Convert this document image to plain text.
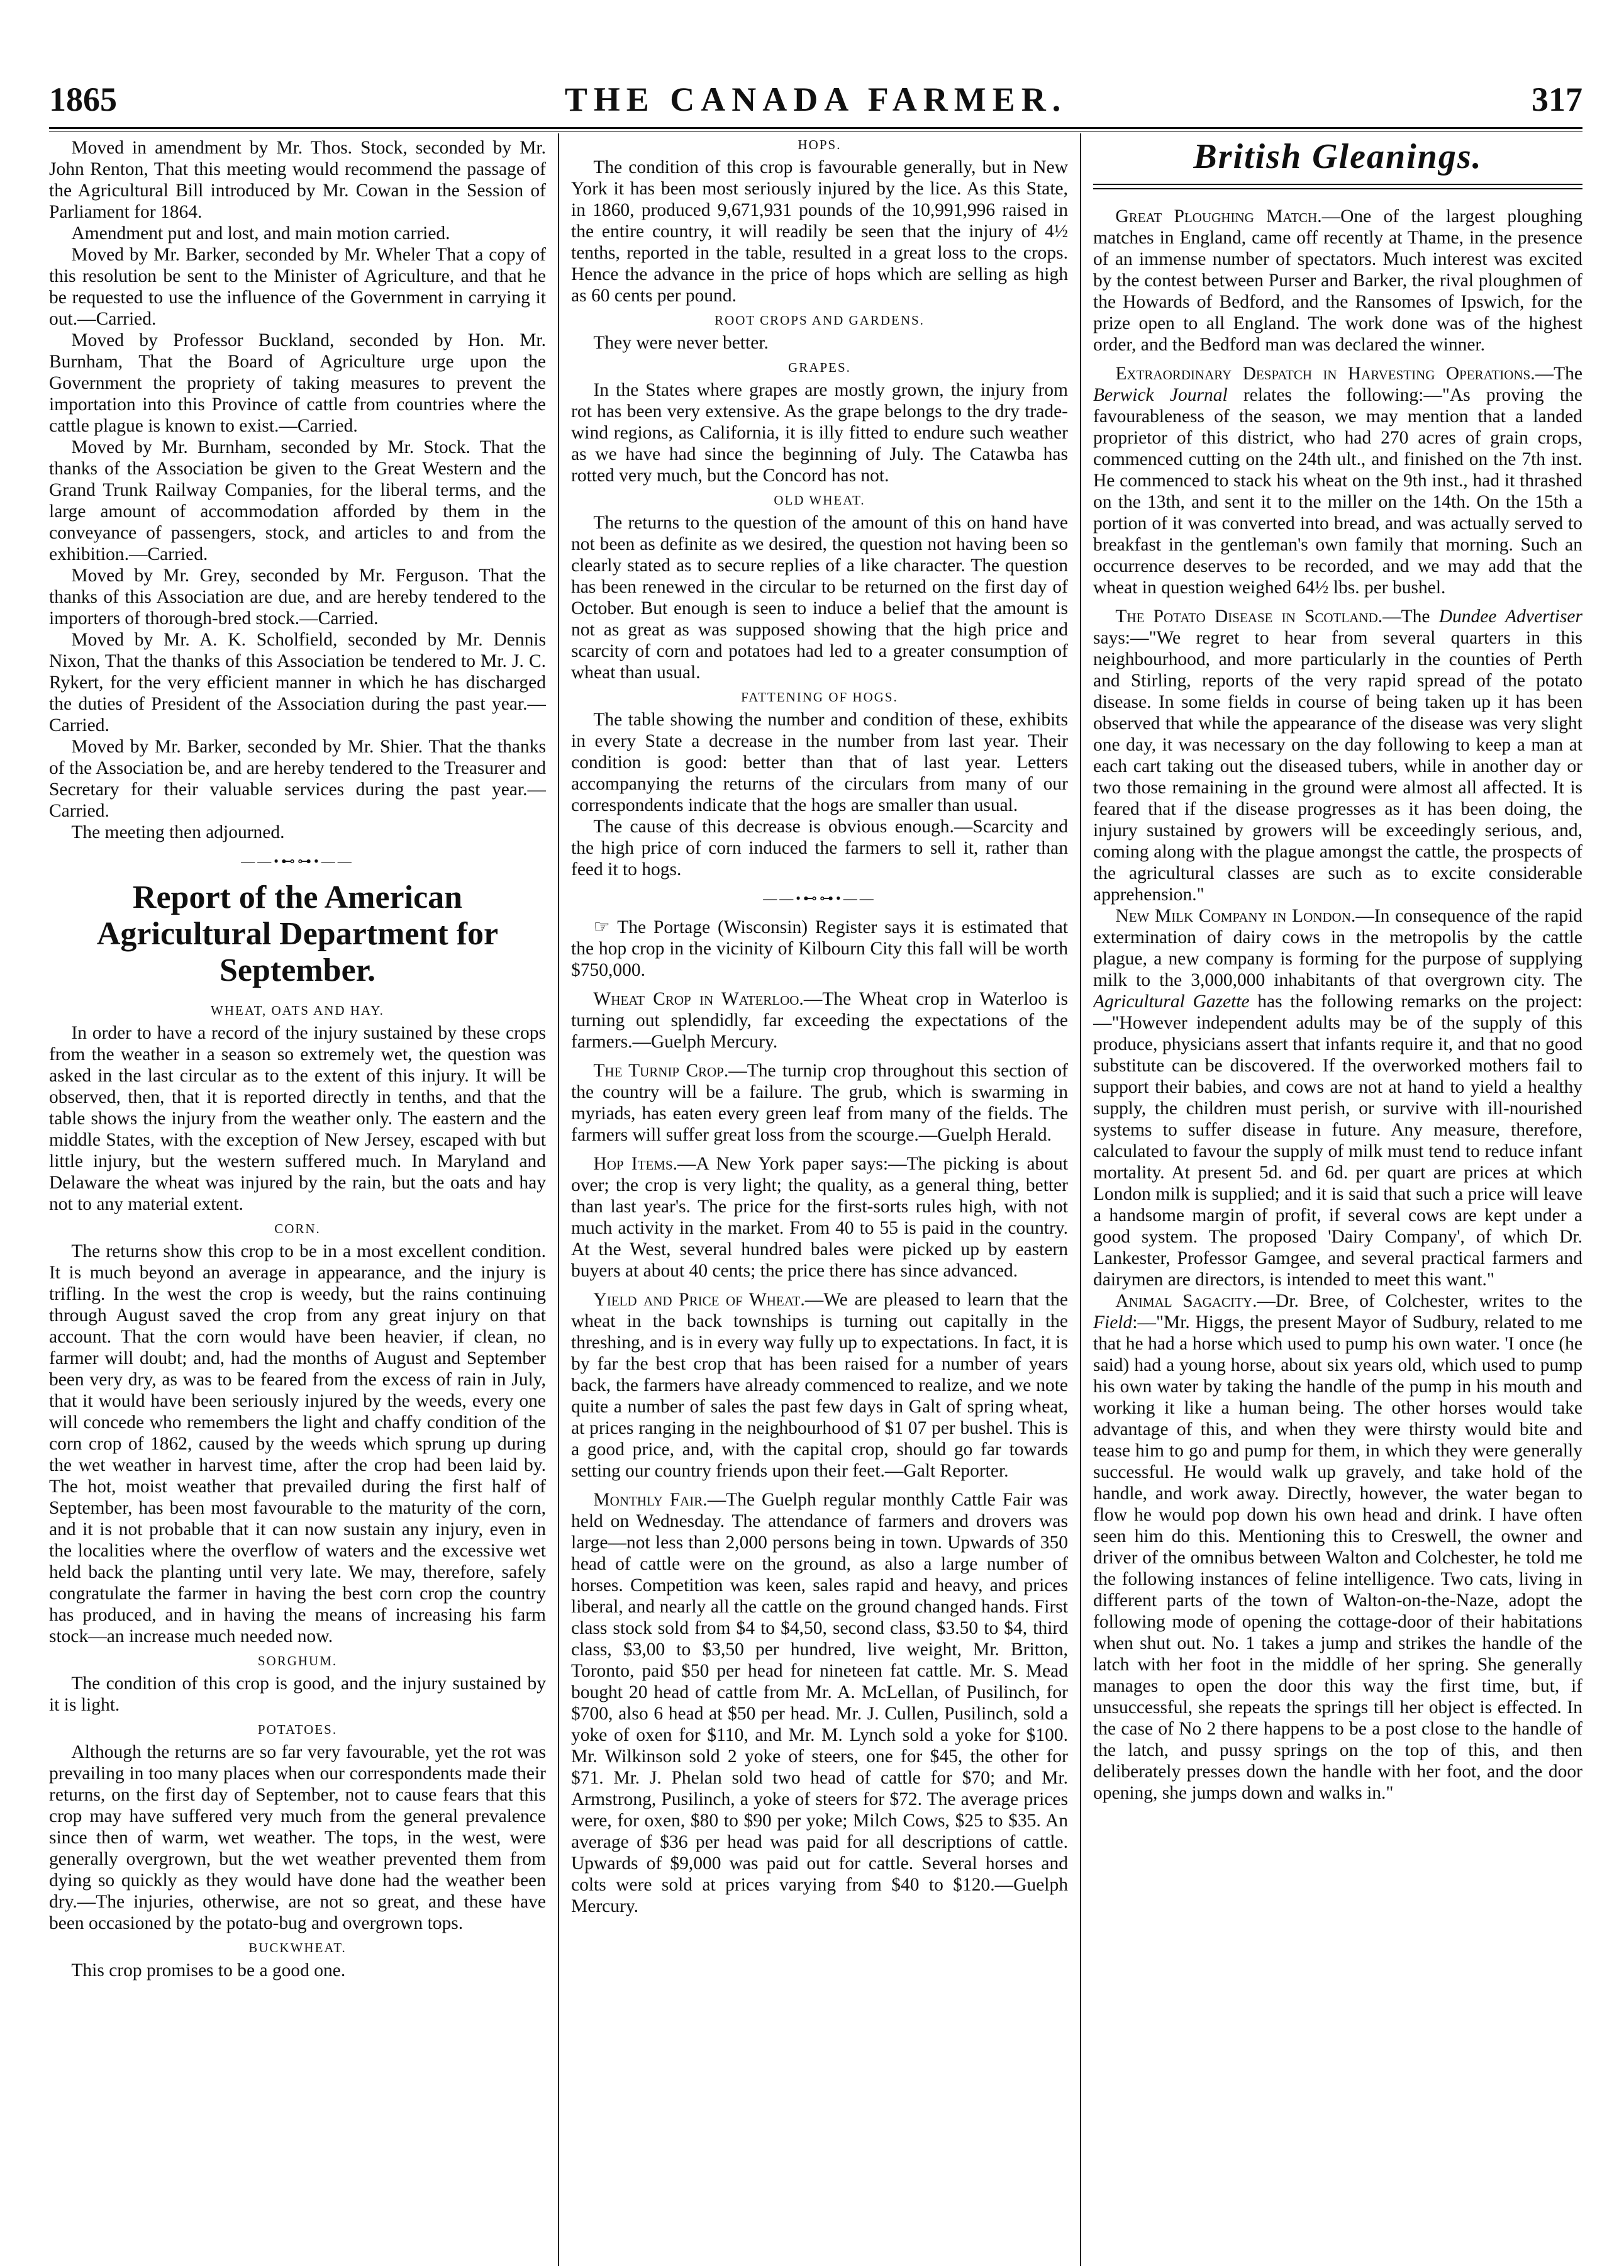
1865	THE CANADA FARMER.	317

Moved in amendment by Mr. Thos. Stock, seconded by Mr. John Renton, That this meeting would recommend the passage of the Agricultural Bill introduced by Mr. Cowan in the Session of Parliament for 1864.

Amendment put and lost, and main motion carried.

Moved by Mr. Barker, seconded by Mr. Wheler That a copy of this resolution be sent to the Minister of Agriculture, and that he be requested to use the influence of the Government in carrying it out.—Carried.

Moved by Professor Buckland, seconded by Hon. Mr. Burnham, That the Board of Agriculture urge upon the Government the propriety of taking measures to prevent the importation into this Province of cattle from countries where the cattle plague is known to exist.—Carried.

Moved by Mr. Burnham, seconded by Mr. Stock. That the thanks of the Association be given to the Great Western and the Grand Trunk Railway Companies, for the liberal terms, and the large amount of accommodation afforded by them in the conveyance of passengers, stock, and articles to and from the exhibition.—Carried.

Moved by Mr. Grey, seconded by Mr. Ferguson. That the thanks of this Association are due, and are hereby tendered to the importers of thorough-bred stock.—Carried.

Moved by Mr. A. K. Scholfield, seconded by Mr. Dennis Nixon, That the thanks of this Association be tendered to Mr. J. C. Rykert, for the very efficient manner in which he has discharged the duties of President of the Association during the past year.—Carried.

Moved by Mr. Barker, seconded by Mr. Shier. That the thanks of the Association be, and are hereby tendered to the Treasurer and Secretary for their valuable services during the past year.—Carried.

The meeting then adjourned.

——•⊷⊶•——
Report of the American Agricultural Department for September.
WHEAT, OATS AND HAY.

In order to have a record of the injury sustained by these crops from the weather in a season so extremely wet, the question was asked in the last circular as to the extent of this injury. It will be observed, then, that it is reported directly in tenths, and that the table shows the injury from the weather only. The eastern and the middle States, with the exception of New Jersey, escaped with but little injury, but the western suffered much. In Maryland and Delaware the wheat was injured by the rain, but the oats and hay not to any material extent.

CORN.

The returns show this crop to be in a most excellent condition. It is much beyond an average in appearance, and the injury is trifling. In the west the crop is weedy, but the rains continuing through August saved the crop from any great injury on that account. That the corn would have been heavier, if clean, no farmer will doubt; and, had the months of August and September been very dry, as was to be feared from the excess of rain in July, that it would have been seriously injured by the weeds, every one will concede who remembers the light and chaffy condition of the corn crop of 1862, caused by the weeds which sprung up during the wet weather in harvest time, after the crop had been laid by. The hot, moist weather that prevailed during the first half of September, has been most favourable to the maturity of the corn, and it is not probable that it can now sustain any injury, even in the localities where the overflow of waters and the excessive wet held back the planting until very late. We may, therefore, safely congratulate the farmer in having the best corn crop the country has produced, and in having the means of increasing his farm stock—an increase much needed now.

SORGHUM.

The condition of this crop is good, and the injury sustained by it is light.

POTATOES.

Although the returns are so far very favourable, yet the rot was prevailing in too many places when our correspondents made their returns, on the first day of September, not to cause fears that this crop may have suffered very much from the general prevalence since then of warm, wet weather. The tops, in the west, were generally overgrown, but the wet weather prevented them from dying so quickly as they would have done had the weather been dry.—The injuries, otherwise, are not so great, and these have been occasioned by the potato-bug and overgrown tops.

BUCKWHEAT.

This crop promises to be a good one.

HOPS.

The condition of this crop is favourable generally, but in New York it has been most seriously injured by the lice. As this State, in 1860, produced 9,671,931 pounds of the 10,991,996 raised in the entire country, it will readily be seen that the injury of 4½ tenths, reported in the table, resulted in a great loss to the crops. Hence the advance in the price of hops which are selling as high as 60 cents per pound.

ROOT CROPS AND GARDENS.

They were never better.

GRAPES.

In the States where grapes are mostly grown, the injury from rot has been very extensive. As the grape belongs to the dry trade-wind regions, as California, it is illy fitted to endure such weather as we have had since the beginning of July. The Catawba has rotted very much, but the Concord has not.

OLD WHEAT.

The returns to the question of the amount of this on hand have not been as definite as we desired, the question not having been so clearly stated as to secure replies of a like character. The question has been renewed in the circular to be returned on the first day of October. But enough is seen to induce a belief that the amount is not as great as was supposed showing that the high price and scarcity of corn and potatoes had led to a greater consumption of wheat than usual.

FATTENING OF HOGS.

The table showing the number and condition of these, exhibits in every State a decrease in the number from last year. Their condition is good: better than that of last year. Letters accompanying the returns of the circulars from many of our correspondents indicate that the hogs are smaller than usual.

The cause of this decrease is obvious enough.—Scarcity and the high price of corn induced the farmers to sell it, rather than feed it to hogs.

——•⊷⊶•——

☞ The Portage (Wisconsin) Register says it is estimated that the hop crop in the vicinity of Kilbourn City this fall will be worth $750,000.

Wheat Crop in Waterloo.—The Wheat crop in Waterloo is turning out splendidly, far exceeding the expectations of the farmers.—Guelph Mercury.

The Turnip Crop.—The turnip crop throughout this section of the country will be a failure. The grub, which is swarming in myriads, has eaten every green leaf from many of the fields. The farmers will suffer great loss from the scourge.—Guelph Herald.

Hop Items.—A New York paper says:—The picking is about over; the crop is very light; the quality, as a general thing, better than last year's. The price for the first-sorts rules high, with not much activity in the market. From 40 to 55 is paid in the country. At the West, several hundred bales were picked up by eastern buyers at about 40 cents; the price there has since advanced.

Yield and Price of Wheat.—We are pleased to learn that the wheat in the back townships is turning out capitally in the threshing, and is in every way fully up to expectations. In fact, it is by far the best crop that has been raised for a number of years back, the farmers have already commenced to realize, and we note quite a number of sales the past few days in Galt of spring wheat, at prices ranging in the neighbourhood of $1 07 per bushel. This is a good price, and, with the capital crop, should go far towards setting our country friends upon their feet.—Galt Reporter.

Monthly Fair.—The Guelph regular monthly Cattle Fair was held on Wednesday. The attendance of farmers and drovers was large—not less than 2,000 persons being in town. Upwards of 350 head of cattle were on the ground, as also a large number of horses. Competition was keen, sales rapid and heavy, and prices liberal, and nearly all the cattle on the ground changed hands. First class stock sold from $4 to $4,50, second class, $3.50 to $4, third class, $3,00 to $3,50 per hundred, live weight, Mr. Britton, Toronto, paid $50 per head for nineteen fat cattle. Mr. S. Mead bought 20 head of cattle from Mr. A. McLellan, of Pusilinch, for $700, also 6 head at $50 per head. Mr. J. Cullen, Pusilinch, sold a yoke of oxen for $110, and Mr. M. Lynch sold a yoke for $100. Mr. Wilkinson sold 2 yoke of steers, one for $45, the other for $71. Mr. J. Phelan sold two head of cattle for $70; and Mr. Armstrong, Pusilinch, a yoke of steers for $72. The average prices were, for oxen, $80 to $90 per yoke; Milch Cows, $25 to $35. An average of $36 per head was paid for all descriptions of cattle. Upwards of $9,000 was paid out for cattle. Several horses and colts were sold at prices varying from $40 to $120.—Guelph Mercury.

British Gleanings.

Great Ploughing Match.—One of the largest ploughing matches in England, came off recently at Thame, in the presence of an immense number of spectators. Much interest was excited by the contest between Purser and Barker, the rival ploughmen of the Howards of Bedford, and the Ransomes of Ipswich, for the prize open to all England. The work done was of the highest order, and the Bedford man was declared the winner.

Extraordinary Despatch in Harvesting Operations.—The Berwick Journal relates the following:—"As proving the favourableness of the season, we may mention that a landed proprietor of this district, who had 270 acres of grain crops, commenced cutting on the 24th ult., and finished on the 7th inst. He commenced to stack his wheat on the 9th inst., had it thrashed on the 13th, and sent it to the miller on the 14th. On the 15th a portion of it was converted into bread, and was actually served to breakfast in the gentleman's own family that morning. Such an occurrence deserves to be recorded, and we may add that the wheat in question weighed 64½ lbs. per bushel.

The Potato Disease in Scotland.—The Dundee Advertiser says:—"We regret to hear from several quarters in this neighbourhood, and more particularly in the counties of Perth and Stirling, reports of the very rapid spread of the potato disease. In some fields in course of being taken up it has been observed that while the appearance of the disease was very slight one day, it was necessary on the day following to keep a man at each cart taking out the diseased tubers, while in another day or two those remaining in the ground were almost all affected. It is feared that if the disease progresses as it has been doing, the injury sustained by growers will be exceedingly serious, and, coming along with the plague amongst the cattle, the prospects of the agricultural classes are such as to excite considerable apprehension."

New Milk Company in London.—In consequence of the rapid extermination of dairy cows in the metropolis by the cattle plague, a new company is forming for the purpose of supplying milk to the 3,000,000 inhabitants of that overgrown city. The Agricultural Gazette has the following remarks on the project:—"However independent adults may be of the supply of this produce, physicians assert that infants require it, and that no good substitute can be discovered. If the overworked mothers fail to support their babies, and cows are not at hand to yield a healthy supply, the children must perish, or survive with ill-nourished systems to suffer disease in future. Any measure, therefore, calculated to favour the supply of milk must tend to reduce infant mortality. At present 5d. and 6d. per quart are prices at which London milk is supplied; and it is said that such a price will leave a handsome margin of profit, if several cows are kept under a good system. The proposed 'Dairy Company', of which Dr. Lankester, Professor Gamgee, and several practical farmers and dairymen are directors, is intended to meet this want."

Animal Sagacity.—Dr. Bree, of Colchester, writes to the Field:—"Mr. Higgs, the present Mayor of Sudbury, related to me that he had a horse which used to pump his own water. 'I once (he said) had a young horse, about six years old, which used to pump his own water by taking the handle of the pump in his mouth and working it like a human being. The other horses would take advantage of this, and when they were thirsty would bite and tease him to go and pump for them, in which they were generally successful. He would walk up gravely, and take hold of the handle, and work away. Directly, however, the water began to flow he would pop down his own head and drink. I have often seen him do this. Mentioning this to Creswell, the owner and driver of the omnibus between Walton and Colchester, he told me the following instances of feline intelligence. Two cats, living in different parts of the town of Walton-on-the-Naze, adopt the following mode of opening the cottage-door of their habitations when shut out. No. 1 takes a jump and strikes the handle of the latch with her foot in the middle of her spring. She generally manages to open the door this way the first time, but, if unsuccessful, she repeats the springs till her object is effected. In the case of No 2 there happens to be a post close to the handle of the latch, and pussy springs on the top of this, and then deliberately presses down the handle with her foot, and the door opening, she jumps down and walks in."
